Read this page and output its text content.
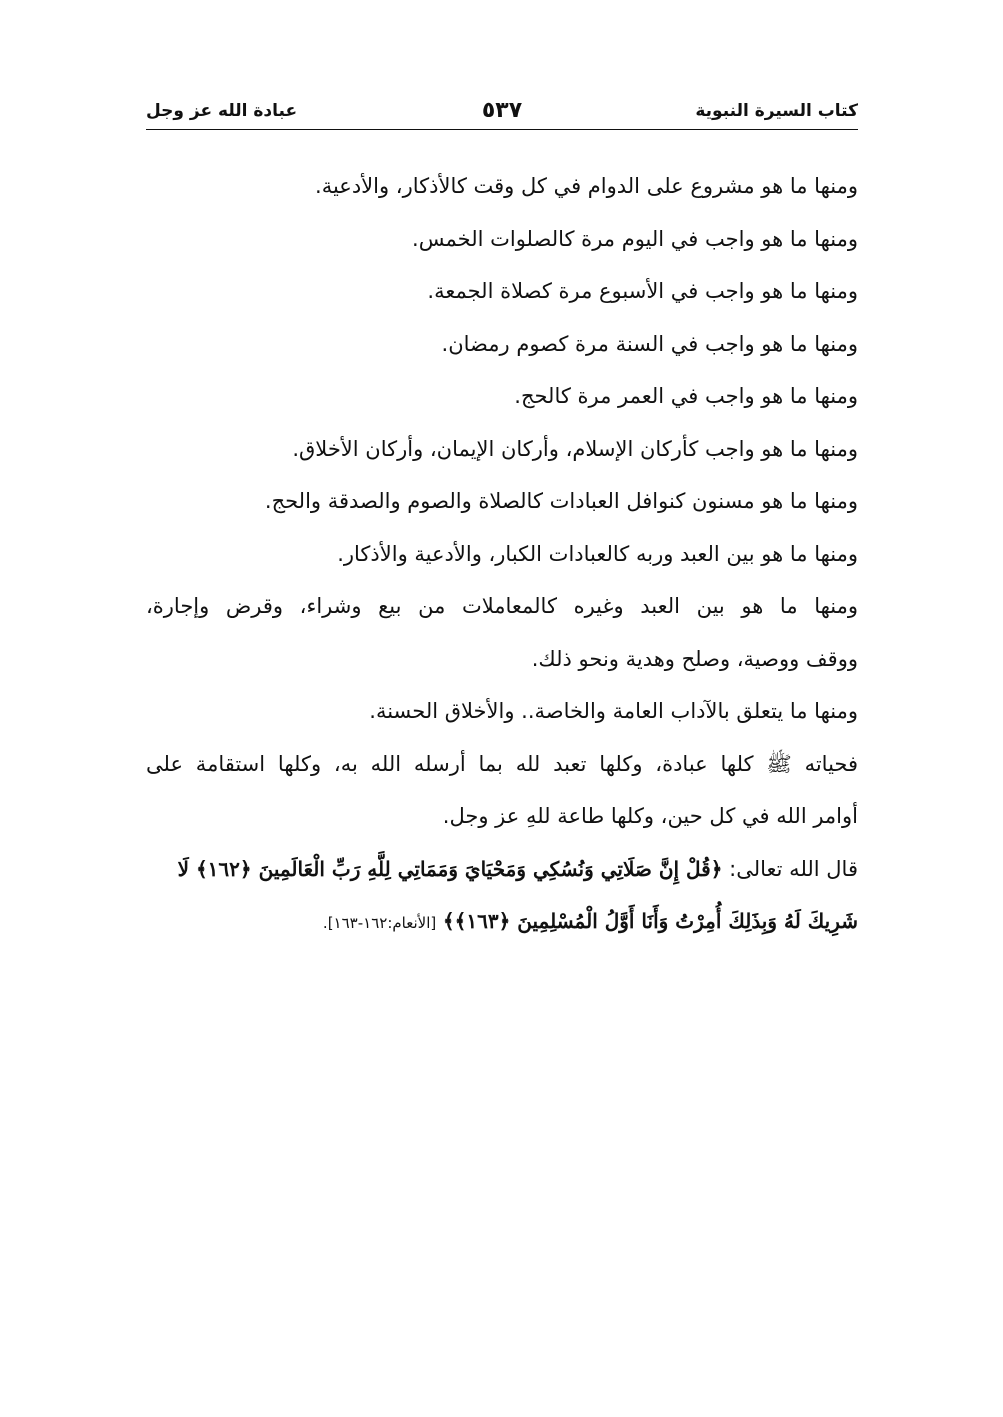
كتاب السيرة النبوية
٥٣٧
عبادة الله عز وجل
ومنها ما هو مشروع على الدوام في كل وقت كالأذكار، والأدعية.
ومنها ما هو واجب في اليوم مرة كالصلوات الخمس.
ومنها ما هو واجب في الأسبوع مرة كصلاة الجمعة.
ومنها ما هو واجب في السنة مرة كصوم رمضان.
ومنها ما هو واجب في العمر مرة كالحج.
ومنها ما هو واجب كأركان الإسلام، وأركان الإيمان، وأركان الأخلاق.
ومنها ما هو مسنون كنوافل العبادات كالصلاة والصوم والصدقة والحج.
ومنها ما هو بين العبد وربه كالعبادات الكبار، والأدعية والأذكار.
ومنها ما هو بين العبد وغيره كالمعاملات من بيع وشراء، وقرض وإجارة،
ووقف ووصية، وصلح وهدية ونحو ذلك.
ومنها ما يتعلق بالآداب العامة والخاصة.. والأخلاق الحسنة.
فحياته ﷺ كلها عبادة، وكلها تعبد لله بما أرسله الله به، وكلها استقامة على
أوامر الله في كل حين، وكلها طاعة للهِ عز وجل.
قال الله تعالى: ﴿قُلْ إِنَّ صَلَاتِي وَنُسُكِي وَمَحْيَايَ وَمَمَاتِي لِلَّهِ رَبِّ الْعَالَمِينَ ﴿١٦٢﴾ لَا
شَرِيكَ لَهُ وَبِذَلِكَ أُمِرْتُ وَأَنَا أَوَّلُ الْمُسْلِمِينَ ﴿١٦٣﴾﴾ [الأنعام:١٦٢-١٦٣].
